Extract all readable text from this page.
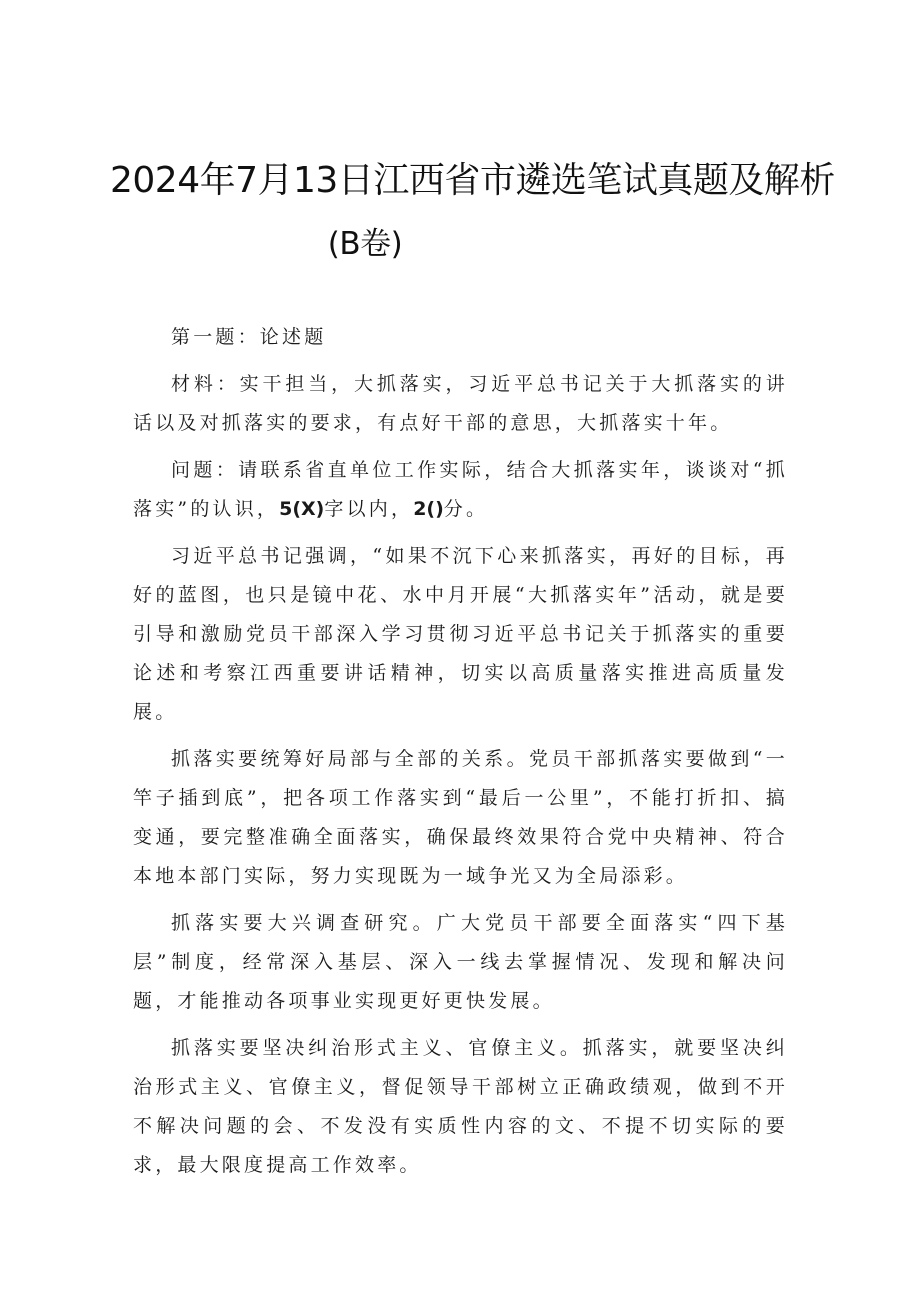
2024年7月13日江西省市遴选笔试真题及解析
(B卷)

第一题：论述题

材料：实干担当，大抓落实，习近平总书记关于大抓落实的讲话以及对抓落实的要求，有点好干部的意思，大抓落实十年。

问题：请联系省直单位工作实际，结合大抓落实年，谈谈对“抓落实”的认识，5(X)字以内，2()分。

习近平总书记强调，“如果不沉下心来抓落实，再好的目标，再好的蓝图，也只是镜中花、水中月开展“大抓落实年”活动，就是要引导和激励党员干部深入学习贯彻习近平总书记关于抓落实的重要论述和考察江西重要讲话精神，切实以高质量落实推进高质量发展。

抓落实要统筹好局部与全部的关系。党员干部抓落实要做到“一竿子插到底”，把各项工作落实到“最后一公里”，不能打折扣、搞变通，要完整准确全面落实，确保最终效果符合党中央精神、符合本地本部门实际，努力实现既为一域争光又为全局添彩。

抓落实要大兴调查研究。广大党员干部要全面落实“四下基层”制度，经常深入基层、深入一线去掌握情况、发现和解决问题，才能推动各项事业实现更好更快发展。

抓落实要坚决纠治形式主义、官僚主义。抓落实，就要坚决纠治形式主义、官僚主义，督促领导干部树立正确政绩观，做到不开不解决问题的会、不发没有实质性内容的文、不提不切实际的要求，最大限度提高工作效率。
